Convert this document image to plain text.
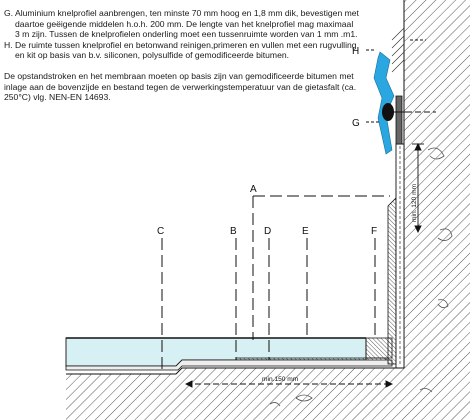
G. Aluminium knelprofiel aanbrengen, ten minste 70 mm hoog en 1,8 mm dik, bevestigen met daartoe geëigende middelen h.o.h. 200 mm. De lengte van het knelprofiel mag maximaal 3 m zijn. Tussen de knelprofielen onderling moet een tussenruimte worden van 1 mm .m1.
H. De ruimte tussen knelprofiel en betonwand reinigen,primeren en vullen met een rugvulling en kit op basis van b.v. siliconen, polysulfide of gemodificeerde bitumen.
De opstandstroken en het membraan moeten op basis zijn van gemodificeerde bitumen met inlage aan de bovenzijde en bestand tegen de verwerkingstemperatuur van de gietasfalt (ca. 250°C) vlg. NEN-EN 14693.
A
C	B	D	E	F
H
G
min. 120 mm
min.150 mm
